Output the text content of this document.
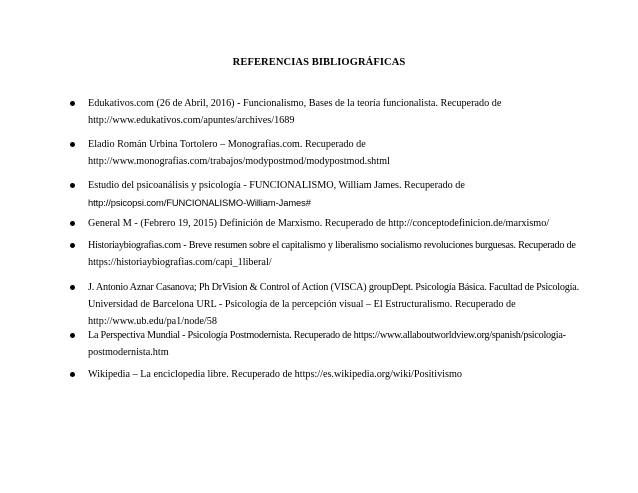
REFERENCIAS BIBLIOGRÁFICAS
Edukativos.com (26 de Abril, 2016) - Funcionalismo, Bases de la teoría funcionalista. Recuperado de
http://www.edukativos.com/apuntes/archives/1689
Eladio Román Urbina Tortolero – Monografias.com. Recuperado de
http://www.monografias.com/trabajos/modypostmod/modypostmod.shtml
Estudio del psicoanálisis y psicología - FUNCIONALISMO, William James. Recuperado de
http://psicopsi.com/FUNCIONALISMO-William-James#
General M - (Febrero 19, 2015) Definición de Marxismo. Recuperado de http://conceptodefinicion.de/marxismo/
Historiaybiografias.com - Breve resumen sobre el capitalismo y liberalismo socialismo revoluciones burguesas. Recuperado de
https://historiaybiografias.com/capi_1liberal/
J. Antonio Aznar Casanova; Ph DrVision & Control of Action (VISCA) groupDept. Psicología Básica. Facultad de Psicología.
Universidad de Barcelona URL - Psicología de la percepción visual – El Estructuralismo. Recuperado de
http://www.ub.edu/pa1/node/58
La Perspectiva Mundial - Psicología Postmodernista. Recuperado de https://www.allaboutworldview.org/spanish/psicologia-
postmodernista.htm
Wikipedia – La enciclopedia libre. Recuperado de https://es.wikipedia.org/wiki/Positivismo
